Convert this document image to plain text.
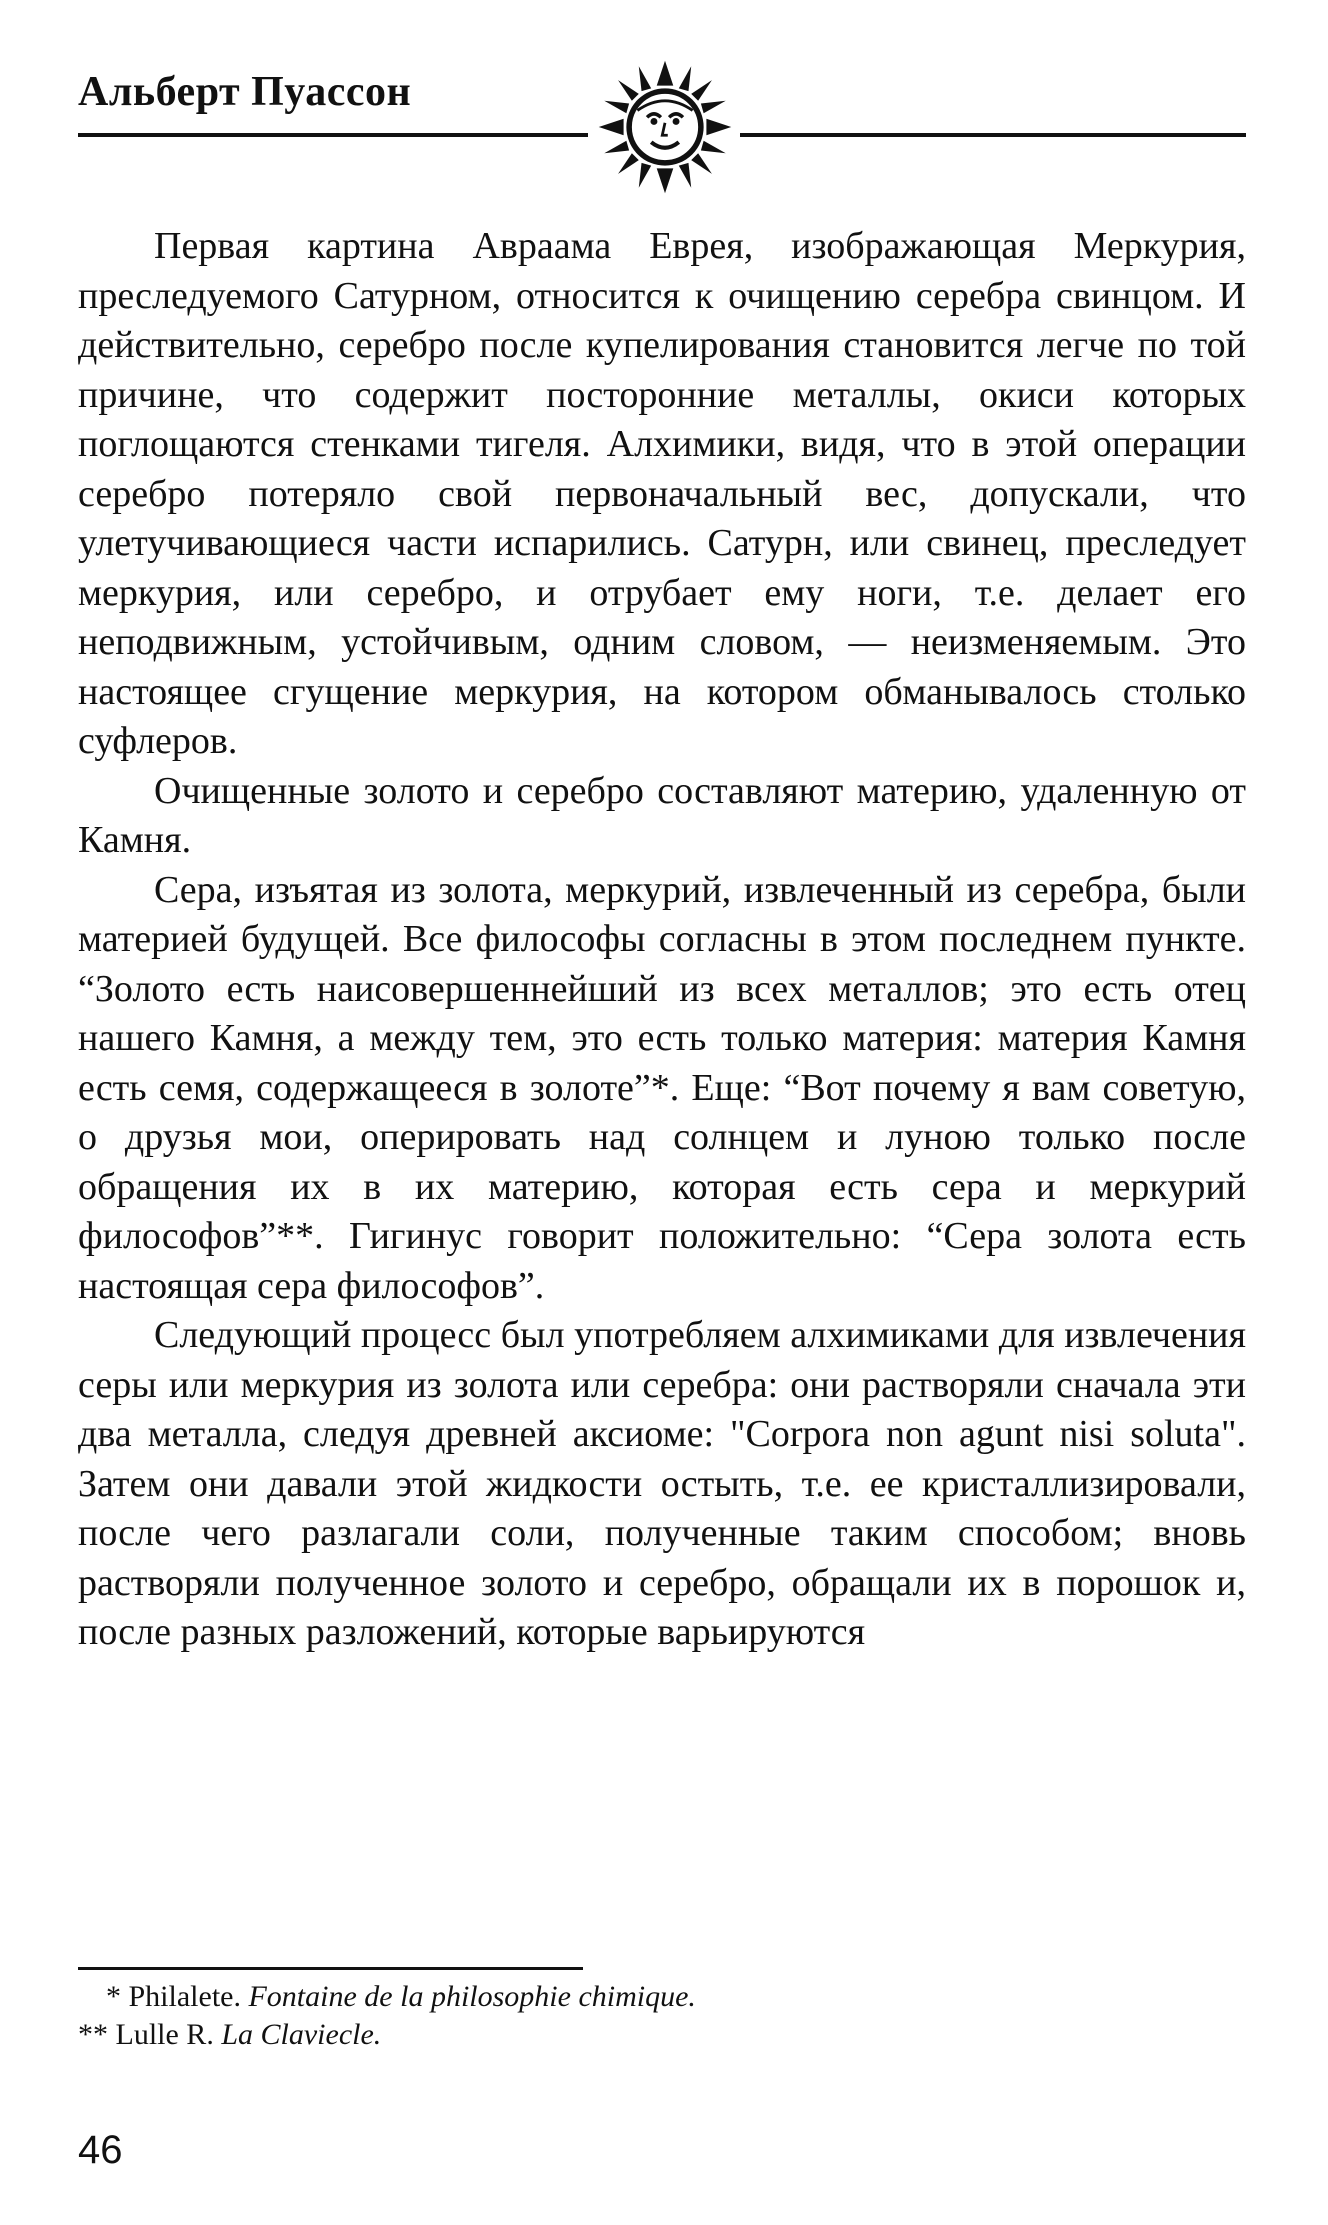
Альберт Пуассон

Первая картина Авраама Еврея, изображающая Меркурия, преследуемого Сатурном, относится к очищению серебра свинцом. И действительно, серебро после купелирования становится легче по той причине, что содержит посторонние металлы, окиси которых поглощаются стенками тигеля. Алхимики, видя, что в этой операции серебро потеряло свой первоначальный вес, допускали, что улетучивающиеся части испарились. Сатурн, или свинец, преследует меркурия, или серебро, и отрубает ему ноги, т.е. делает его неподвижным, устойчивым, одним словом, — неизменяемым. Это настоящее сгущение меркурия, на котором обманывалось столько суфлеров.

Очищенные золото и серебро составляют материю, удаленную от Камня.

Сера, изъятая из золота, меркурий, извлеченный из серебра, были материей будущей. Все философы согласны в этом последнем пункте. “Золото есть наисовершеннейший из всех металлов; это есть отец нашего Камня, а между тем, это есть только материя: материя Камня есть семя, содержащееся в золоте”*. Еще: “Вот почему я вам советую, о друзья мои, оперировать над солнцем и луною только после обращения их в их материю, которая есть сера и меркурий философов”**. Гигинус говорит положительно: “Сера золота есть настоящая сера философов”.

Следующий процесс был употребляем алхимиками для извлечения серы или меркурия из золота или серебра: они растворяли сначала эти два металла, следуя древней аксиоме: "Corpora non agunt nisi soluta". Затем они давали этой жидкости остыть, т.е. ее кристаллизировали, после чего разлагали соли, полученные таким способом; вновь растворяли полученное золото и серебро, обращали их в порошок и, после разных разложений, которые варьируются

* Philalete. Fontaine de la philosophie chimique.

** Lulle R. La Claviecle.

46
